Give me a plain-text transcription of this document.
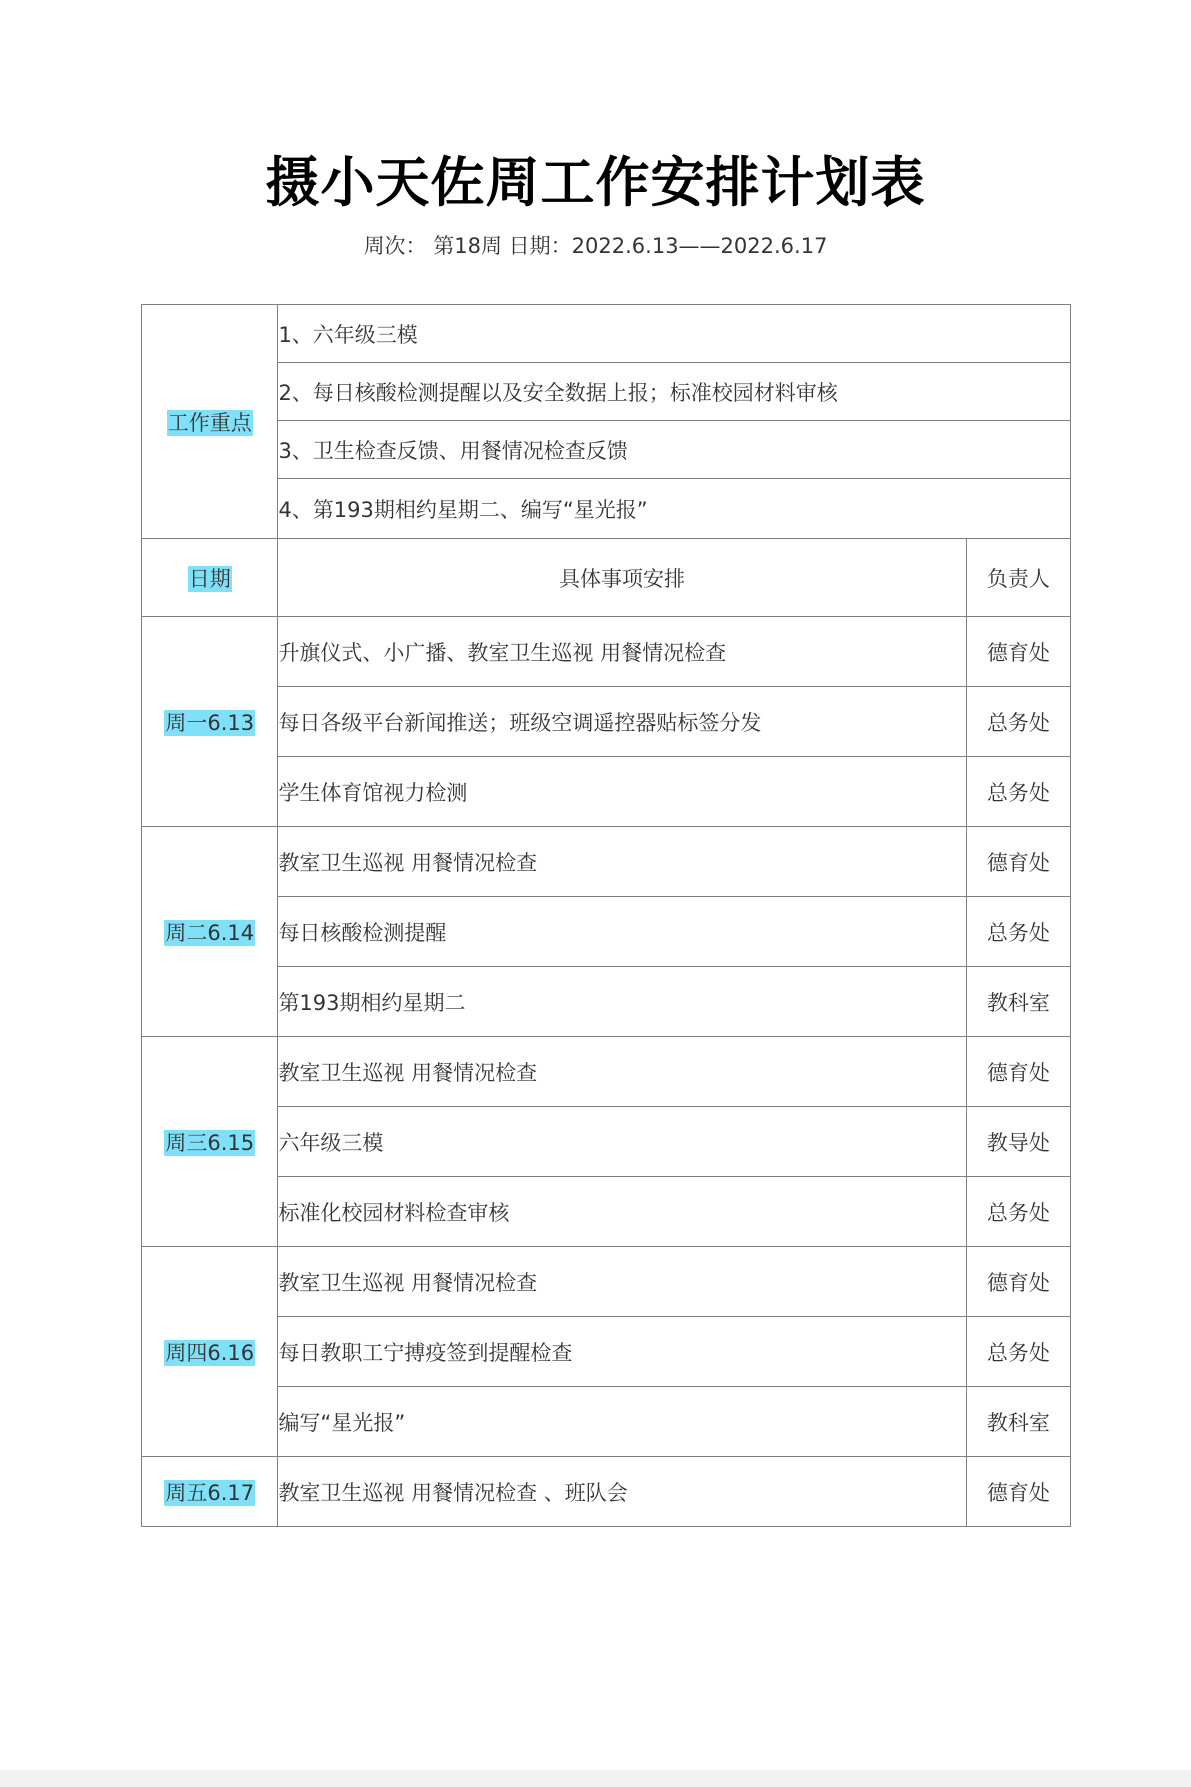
摄小天佐周工作安排计划表
周次： 第18周 日期：2022.6.13——2022.6.17
工作重点	1、六年级三模	
	2、每日核酸检测提醒以及安全数据上报；标准校园材料审核	
	3、卫生检查反馈、用餐情况检查反馈	
	4、第193期相约星期二、编写“星光报”	
日期	具体事项安排	负责人
周一6.13	升旗仪式、小广播、教室卫生巡视 用餐情况检查	德育处
	每日各级平台新闻推送；班级空调遥控器贴标签分发	总务处
	学生体育馆视力检测	总务处
周二6.14	教室卫生巡视 用餐情况检查	德育处
	每日核酸检测提醒	总务处
	第193期相约星期二	教科室
周三6.15	教室卫生巡视 用餐情况检查	德育处
	六年级三模	教导处
	标准化校园材料检查审核	总务处
周四6.16	教室卫生巡视 用餐情况检查	德育处
	每日教职工宁搏疫签到提醒检查	总务处
	编写“星光报”	教科室
周五6.17	教室卫生巡视 用餐情况检查 、班队会	德育处
